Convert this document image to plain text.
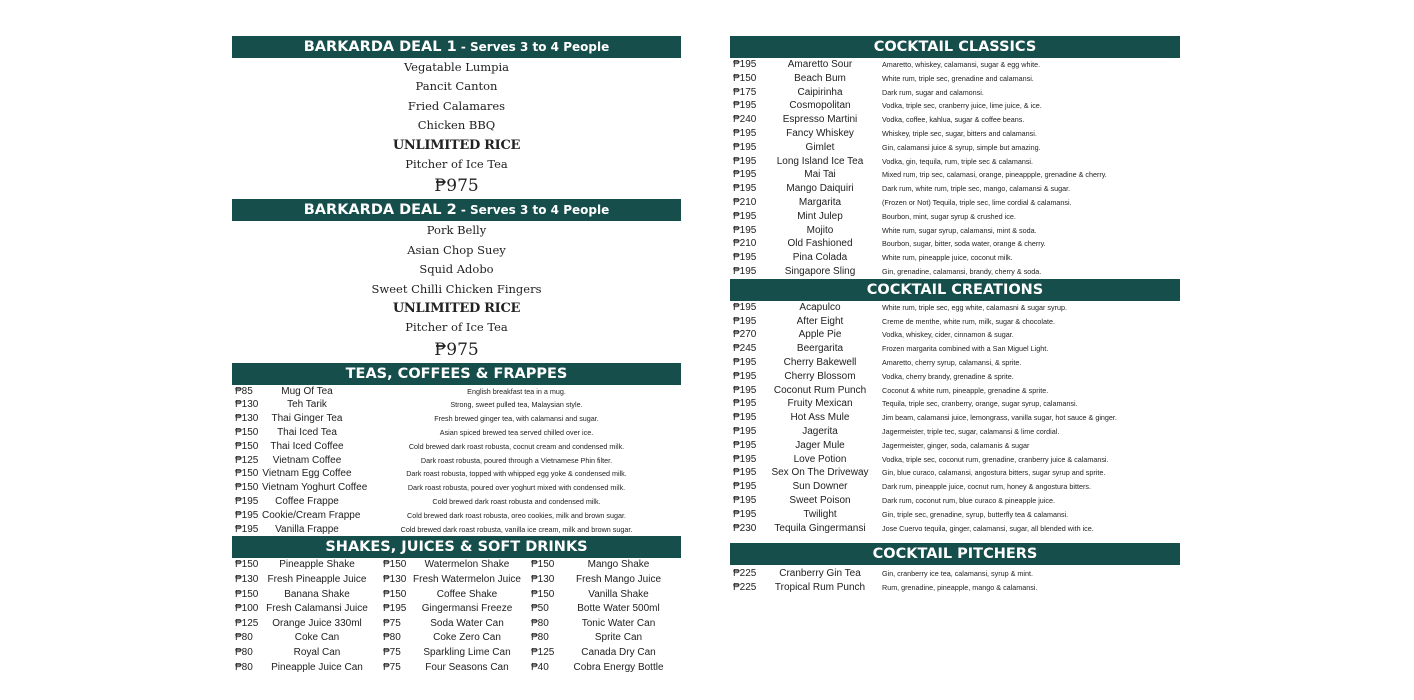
BARKARDA DEAL 1 - Serves 3 to 4 People
Vegatable Lumpia
Pancit Canton
Fried Calamares
Chicken BBQ
UNLIMITED RICE
Pitcher of Ice Tea
₱975
BARKARDA DEAL 2 - Serves 3 to 4 People
Pork Belly
Asian Chop Suey
Squid Adobo
Sweet Chilli Chicken Fingers
UNLIMITED RICE
Pitcher of Ice Tea
₱975
TEAS, COFFEES & FRAPPES
₱85	Mug Of Tea	English breakfast tea in a mug.
₱130	Teh Tarik	Strong, sweet pulled tea, Malaysian style.
₱130	Thai Ginger Tea	Fresh brewed ginger tea, with calamansi and sugar.
₱150	Thai Iced Tea	Asian spiced brewed tea served chilled over ice.
₱150	Thai Iced Coffee	Cold brewed dark roast robusta, cocnut cream and condensed milk.
₱125	Vietnam Coffee	Dark roast robusta, poured through a Vietnamese Phin filter.
₱150 Vietnam Egg Coffee	Dark roast robusta, topped with whipped egg yoke & condensed milk.
₱150 Vietnam Yoghurt Coffee	Dark roast robusta, poured over yoghurt mixed with condensed milk.
₱195	Coffee Frappe	Cold brewed dark roast robusta and condensed milk.
₱195 Cookie/Cream Frappe	Cold brewed dark roast robusta, oreo cookies, milk and brown sugar.
₱195	Vanilla Frappe	Cold brewed dark roast robusta, vanilla ice cream, milk and brown sugar.
SHAKES, JUICES & SOFT DRINKS
₱150	Pineapple Shake	₱150	Watermelon Shake	₱150	Mango Shake
₱130 Fresh Pineapple Juice	₱130 Fresh Watermelon Juice	₱130	Fresh Mango Juice
₱150	Banana Shake	₱150	Coffee Shake	₱150	Vanilla Shake
₱100 Fresh Calamansi Juice	₱195	Gingermansi Freeze	₱50	Botte Water 500ml
₱125	Orange Juice 330ml	₱75	Soda Water Can	₱80	Tonic Water Can
₱80	Coke Can	₱80	Coke Zero Can	₱80	Sprite Can
₱80	Royal Can	₱75	Sparkling Lime Can	₱125	Canada Dry Can
₱80	Pineapple Juice Can	₱75	Four Seasons Can	₱40	Cobra Energy Bottle
COCKTAIL CLASSICS
₱195	Amaretto Sour	Amaretto, whiskey, calamansi, sugar & egg white.
₱150	Beach Bum	White rum, triple sec, grenadine and calamansi.
₱175	Caipirinha	Dark rum, sugar and calamonsi.
₱195	Cosmopolitan	Vodka, triple sec, cranberry juice, lime juice, & ice.
₱240	Espresso Martini	Vodka, coffee, kahlua, sugar & coffee beans.
₱195	Fancy Whiskey	Whiskey, triple sec, sugar, bitters and calamansi.
₱195	Gimlet	Gin, calamansi juice & syrup, simple but amazing.
₱195	Long Island Ice Tea	Vodka, gin, tequila, rum, triple sec & calamansi.
₱195	Mai Tai	Mixed rum, trip sec, calamasi, orange, pineappple, grenadine & cherry.
₱195	Mango Daiquiri	Dark rum, white rum, triple sec, mango, calamansi & sugar.
₱210	Margarita	(Frozen or Not) Tequila, triple sec, lime cordial & calamansi.
₱195	Mint Julep	Bourbon, mint, sugar syrup & crushed ice.
₱195	Mojito	White rum, sugar syrup, calamansi, mint & soda.
₱210	Old Fashioned	Bourbon, sugar, bitter, soda water, orange & cherry.
₱195	Pina Colada	White rum, pineapple juice, coconut milk.
₱195	Singapore Sling	Gin, grenadine, calamansi, brandy, cherry & soda.
COCKTAIL CREATIONS
₱195	Acapulco	White rum, triple sec, egg white, calamasni & sugar syrup.
₱195	After Eight	Creme de menthe, white rum, milk, sugar & chocolate.
₱270	Apple Pie	Vodka, whiskey, cider, cinnamon & sugar.
₱245	Beergarita	Frozen margarita combined with a San Miguel Light.
₱195	Cherry Bakewell	Amaretto, cherry syrup, calamansi, & sprite.
₱195	Cherry Blossom	Vodka, cherry brandy, grenadine & sprite.
₱195	Coconut Rum Punch	Coconut & white rum, pineapple, grenadine & sprite.
₱195	Fruity Mexican	Tequila, triple sec, cranberry, orange, sugar syrup, calamansi.
₱195	Hot Ass Mule	Jim beam, calamansi juice, lemongrass, vanilla sugar, hot sauce & ginger.
₱195	Jagerita	Jagermeister, triple tec, sugar, calamansi & lime cordial.
₱195	Jager Mule	Jagermeister, ginger, soda, calamanis & sugar
₱195	Love Potion	Vodka, triple sec, coconut rum, grenadine, cranberry juice & calamansi.
₱195	Sex On The Driveway	Gin, blue curaco, calamansi, angostura bitters, sugar syrup and sprite.
₱195	Sun Downer	Dark rum, pineapple juice, cocnut rum, honey & angostura bitters.
₱195	Sweet Poison	Dark rum, coconut rum, blue curaco & pineapple juice.
₱195	Twilight	Gin, triple sec, grenadine, syrup, butterfly tea & calamansi.
₱230	Tequila Gingermansi	Jose Cuervo tequila, ginger, calamansi, sugar, all blended with ice.
COCKTAIL PITCHERS
₱225	Cranberry Gin Tea	Gin, cranberry ice tea, calamansi, syrup & mint.
₱225	Tropical Rum Punch	Rum, grenadine, pineapple, mango & calamansi.
